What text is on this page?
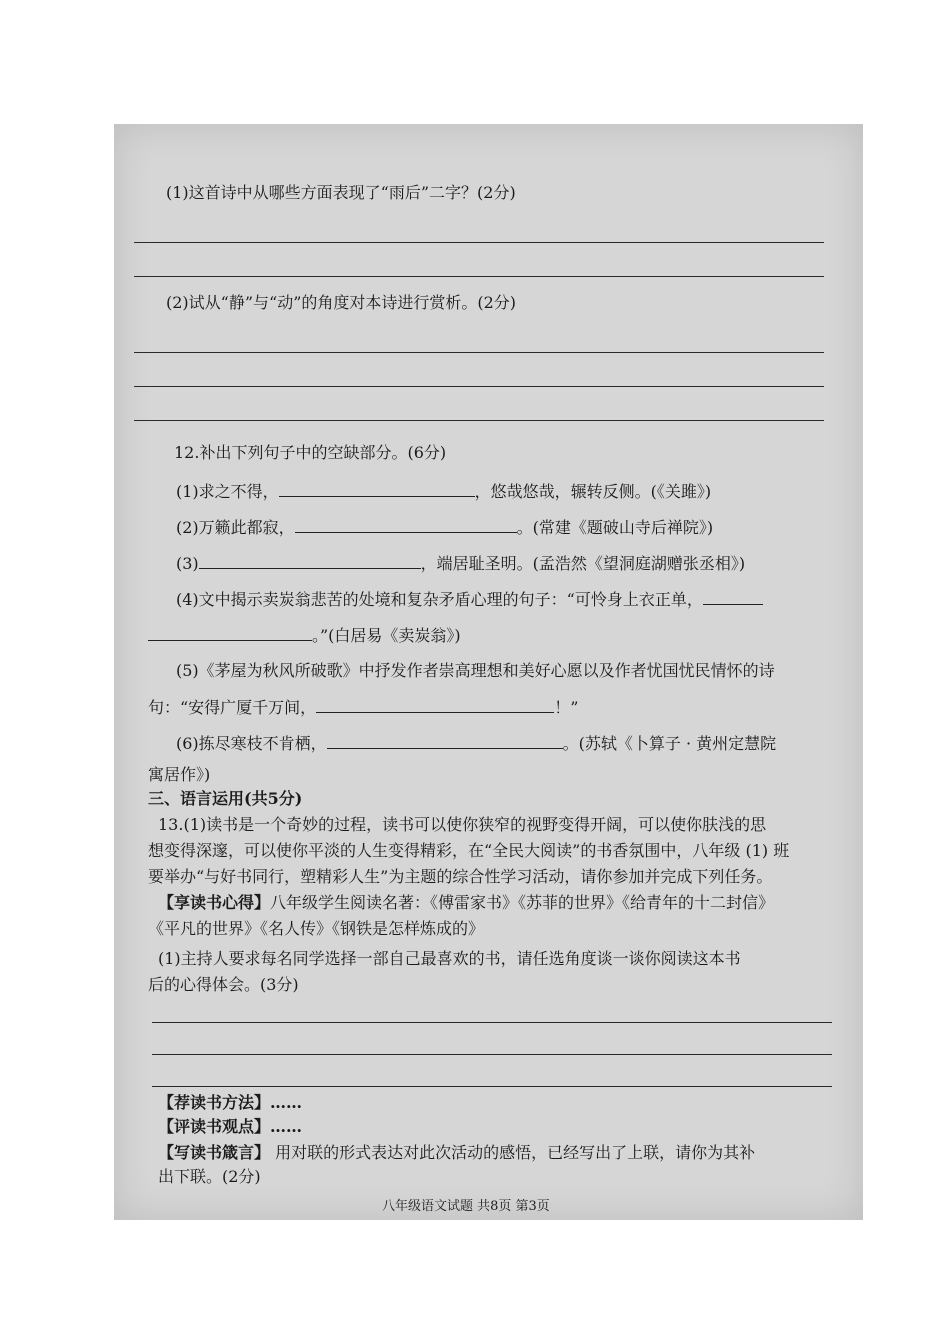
(1)这首诗中从哪些方面表现了“雨后”二字？(2分)
(2)试从“静”与“动”的角度对本诗进行赏析。(2分)
12.补出下列句子中的空缺部分。(6分)
(1)求之不得，	，悠哉悠哉，辗转反侧。(《关雎》)
(2)万籁此都寂，	。(常建《题破山寺后禅院》)
(3)	，端居耻圣明。(孟浩然《望洞庭湖赠张丞相》)
(4)文中揭示卖炭翁悲苦的处境和复杂矛盾心理的句子：“可怜身上衣正单，
。”(白居易《卖炭翁》)
(5)《茅屋为秋风所破歌》中抒发作者崇高理想和美好心愿以及作者忧国忧民情怀的诗
句：“安得广厦千万间，	！”
(6)拣尽寒枝不肯栖，	。(苏轼《卜算子 · 黄州定慧院
寓居作》)
三、语言运用(共5分)
13.(1)读书是一个奇妙的过程，读书可以使你狭窄的视野变得开阔，可以使你肤浅的思
想变得深邃，可以使你平淡的人生变得精彩，在“全民大阅读”的书香氛围中，八年级 (1) 班
要举办“与好书同行，塑精彩人生”为主题的综合性学习活动，请你参加并完成下列任务。
【享读书心得】八年级学生阅读名著：《傅雷家书》《苏菲的世界》《给青年的十二封信》
《平凡的世界》《名人传》《钢铁是怎样炼成的》
(1)主持人要求每名同学选择一部自己最喜欢的书，请任选角度谈一谈你阅读这本书
后的心得体会。(3分)
【荐读书方法】……
【评读书观点】……
【写读书箴言】 用对联的形式表达对此次活动的感悟，已经写出了上联，请你为其补
出下联。(2分)
八年级语文试题 共8页 第3页
